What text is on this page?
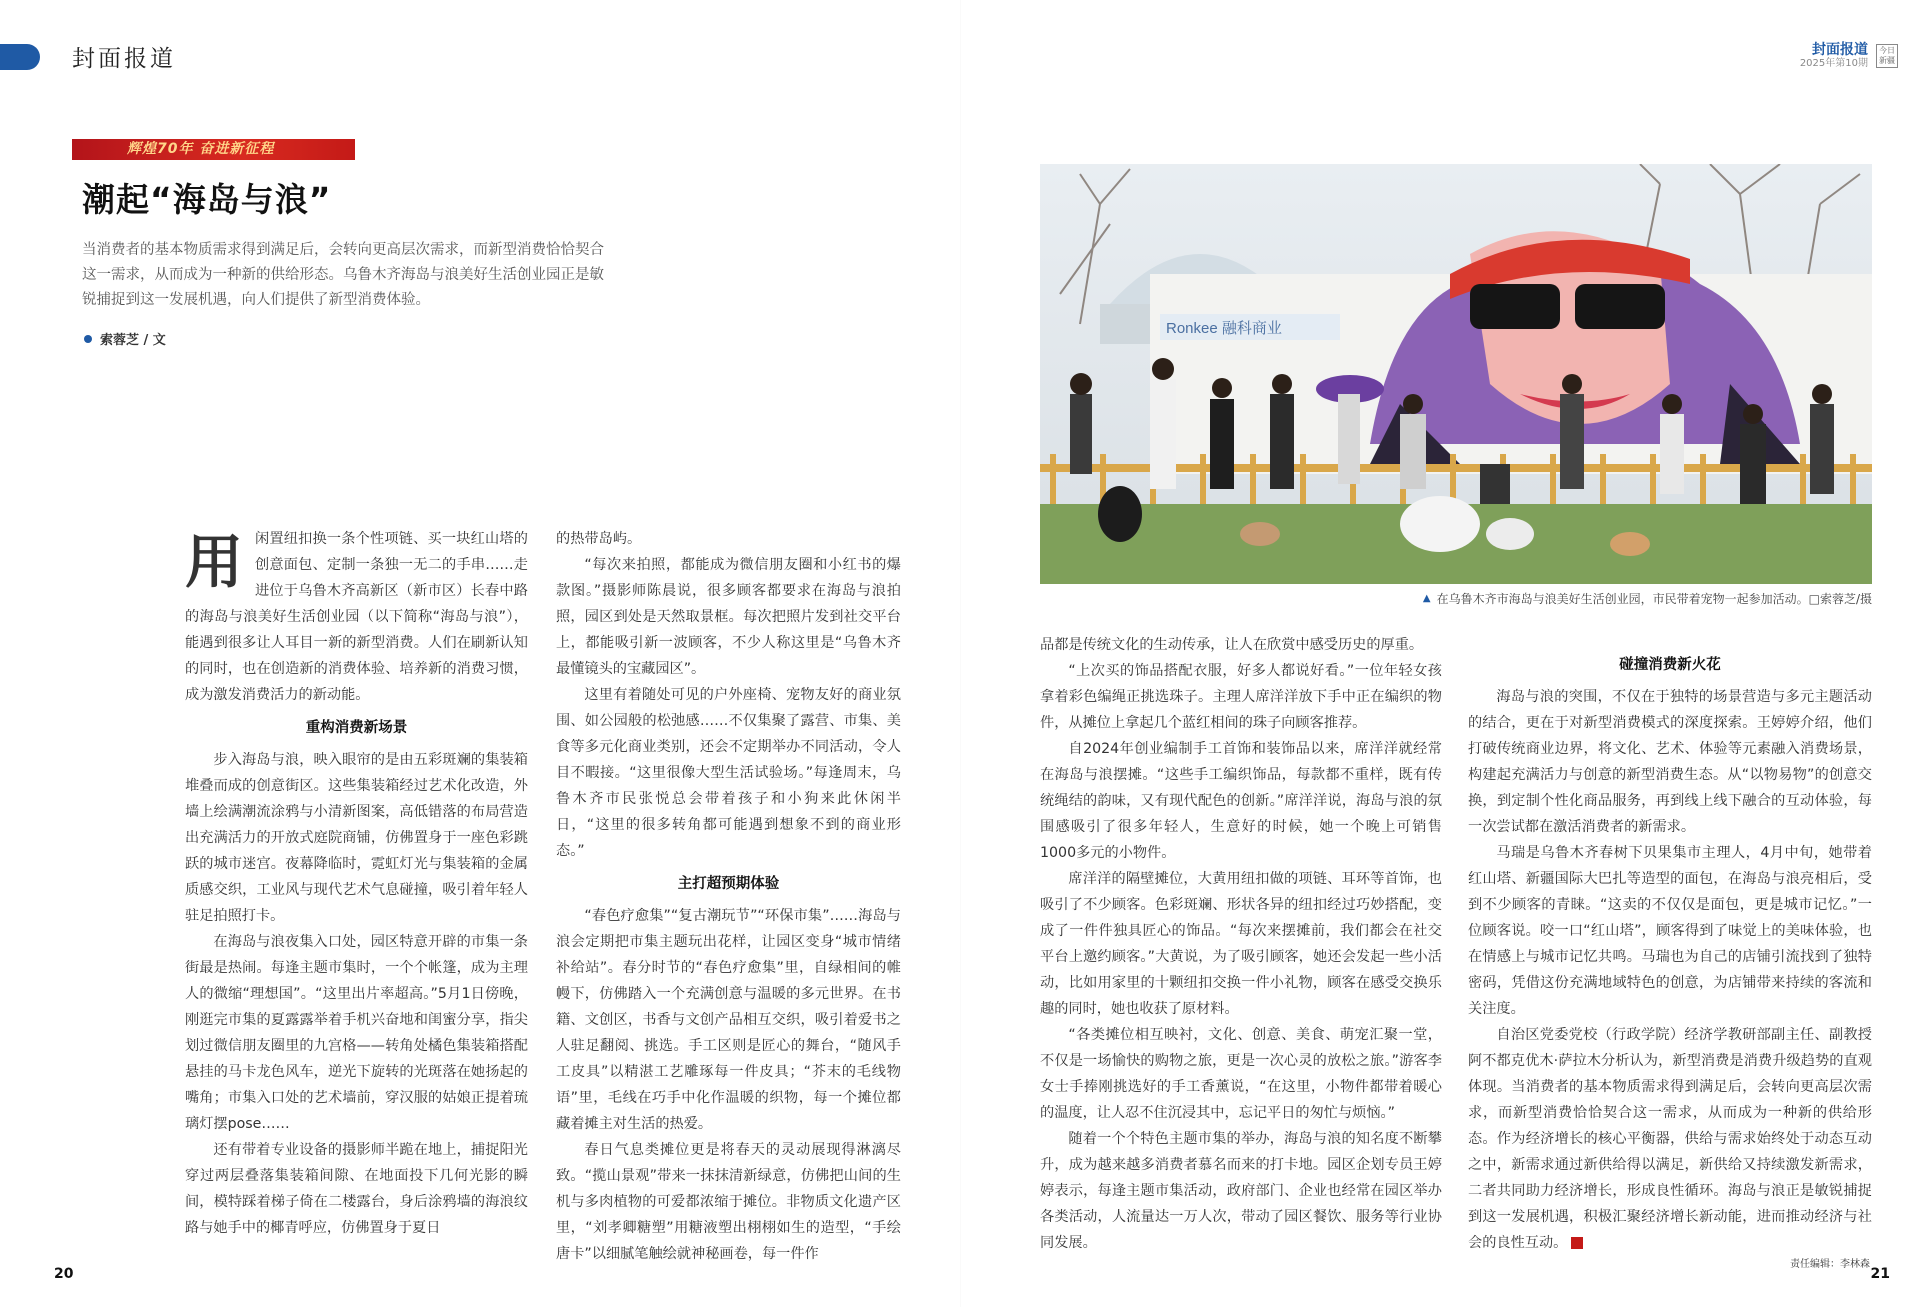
封面报道	封面报道
2025年第10期
今日新疆
辉煌70年 奋进新征程
潮起“海岛与浪”
当消费者的基本物质需求得到满足后，会转向更高层次需求，而新型消费恰恰契合这一需求，从而成为一种新的供给形态。乌鲁木齐海岛与浪美好生活创业园正是敏锐捕捉到这一发展机遇，向人们提供了新型消费体验。
索蓉芝 / 文
用 闲置纽扣换一条个性项链、买一块红山塔的创意面包、定制一条独一无二的手串……走进位于乌鲁木齐高新区（新市区）长春中路的海岛与浪美好生活创业园（以下简称“海岛与浪”），能遇到很多让人耳目一新的新型消费。人们在刷新认知的同时，也在创造新的消费体验、培养新的消费习惯，成为激发消费活力的新动能。

重构消费新场景

步入海岛与浪，映入眼帘的是由五彩斑斓的集装箱堆叠而成的创意街区。这些集装箱经过艺术化改造，外墙上绘满潮流涂鸦与小清新图案，高低错落的布局营造出充满活力的开放式庭院商铺，仿佛置身于一座色彩跳跃的城市迷宫。夜幕降临时，霓虹灯光与集装箱的金属质感交织，工业风与现代艺术气息碰撞，吸引着年轻人驻足拍照打卡。

在海岛与浪夜集入口处，园区特意开辟的市集一条街最是热闹。每逢主题市集时，一个个帐篷，成为主理人的微缩“理想国”。“这里出片率超高。”5月1日傍晚，刚逛完市集的夏露露举着手机兴奋地和闺蜜分享，指尖划过微信朋友圈里的九宫格——转角处橘色集装箱搭配悬挂的马卡龙色风车，逆光下旋转的光斑落在她扬起的嘴角；市集入口处的艺术墙前，穿汉服的姑娘正提着琉璃灯摆pose……

还有带着专业设备的摄影师半跪在地上，捕捉阳光穿过两层叠落集装箱间隙、在地面投下几何光影的瞬间，模特踩着梯子倚在二楼露台，身后涂鸦墙的海浪纹路与她手中的椰青呼应，仿佛置身于夏日

的热带岛屿。

“每次来拍照，都能成为微信朋友圈和小红书的爆款图。”摄影师陈晨说，很多顾客都要求在海岛与浪拍照，园区到处是天然取景框。每次把照片发到社交平台上，都能吸引新一波顾客，不少人称这里是“乌鲁木齐最懂镜头的宝藏园区”。

这里有着随处可见的户外座椅、宠物友好的商业氛围、如公园般的松弛感……不仅集聚了露营、市集、美食等多元化商业类别，还会不定期举办不同活动，令人目不暇接。“这里很像大型生活试验场。”每逢周末，乌鲁木齐市民张悦总会带着孩子和小狗来此休闲半日，“这里的很多转角都可能遇到想象不到的商业形态。”

主打超预期体验

“春色疗愈集”“复古潮玩节”“环保市集”……海岛与浪会定期把市集主题玩出花样，让园区变身“城市情绪补给站”。春分时节的“春色疗愈集”里，自绿相间的帷幔下，仿佛踏入一个充满创意与温暖的多元世界。在书籍、文创区，书香与文创产品相互交织，吸引着爱书之人驻足翻阅、挑选。手工区则是匠心的舞台，“随风手工皮具”以精湛工艺雕琢每一件皮具；“芥末的毛线物语”里，毛线在巧手中化作温暖的织物，每一个摊位都藏着摊主对生活的热爱。

春日气息类摊位更是将春天的灵动展现得淋漓尽致。“揽山景观”带来一抹抹清新绿意，仿佛把山间的生机与多肉植物的可爱都浓缩于摊位。非物质文化遗产区里，“刘孝卿糖塑”用糖液塑出栩栩如生的造型，“手绘唐卡”以细腻笔触绘就神秘画卷，每一件作

Ronkee 融科商业
▲ 在乌鲁木齐市海岛与浪美好生活创业园，市民带着宠物一起参加活动。□索蓉芝/摄

品都是传统文化的生动传承，让人在欣赏中感受历史的厚重。

“上次买的饰品搭配衣服，好多人都说好看。”一位年轻女孩拿着彩色编绳正挑选珠子。主理人席洋洋放下手中正在编织的物件，从摊位上拿起几个蓝红相间的珠子向顾客推荐。

自2024年创业编制手工首饰和装饰品以来，席洋洋就经常在海岛与浪摆摊。“这些手工编织饰品，每款都不重样，既有传统绳结的韵味，又有现代配色的创新。”席洋洋说，海岛与浪的氛围感吸引了很多年轻人，生意好的时候，她一个晚上可销售1000多元的小物件。

席洋洋的隔壁摊位，大黄用纽扣做的项链、耳环等首饰，也吸引了不少顾客。色彩斑斓、形状各异的纽扣经过巧妙搭配，变成了一件件独具匠心的饰品。“每次来摆摊前，我们都会在社交平台上邀约顾客。”大黄说，为了吸引顾客，她还会发起一些小活动，比如用家里的十颗纽扣交换一件小礼物，顾客在感受交换乐趣的同时，她也收获了原材料。

“各类摊位相互映衬，文化、创意、美食、萌宠汇聚一堂，不仅是一场愉快的购物之旅，更是一次心灵的放松之旅。”游客李女士手捧刚挑选好的手工香薰说，“在这里，小物件都带着暖心的温度，让人忍不住沉浸其中，忘记平日的匆忙与烦恼。”

随着一个个特色主题市集的举办，海岛与浪的知名度不断攀升，成为越来越多消费者慕名而来的打卡地。园区企划专员王婷婷表示，每逢主题市集活动，政府部门、企业也经常在园区举办各类活动，人流量达一万人次，带动了园区餐饮、服务等行业协同发展。

碰撞消费新火花

海岛与浪的突围，不仅在于独特的场景营造与多元主题活动的结合，更在于对新型消费模式的深度探索。王婷婷介绍，他们打破传统商业边界，将文化、艺术、体验等元素融入消费场景，构建起充满活力与创意的新型消费生态。从“以物易物”的创意交换，到定制个性化商品服务，再到线上线下融合的互动体验，每一次尝试都在激活消费者的新需求。

马瑞是乌鲁木齐春树下贝果集市主理人，4月中旬，她带着红山塔、新疆国际大巴扎等造型的面包，在海岛与浪亮相后，受到不少顾客的青睐。“这卖的不仅仅是面包，更是城市记忆。”一位顾客说。咬一口“红山塔”，顾客得到了味觉上的美味体验，也在情感上与城市记忆共鸣。马瑞也为自己的店铺引流找到了独特密码，凭借这份充满地域特色的创意，为店铺带来持续的客流和关注度。

自治区党委党校（行政学院）经济学教研部副主任、副教授阿不都克优木·萨拉木分析认为，新型消费是消费升级趋势的直观体现。当消费者的基本物质需求得到满足后，会转向更高层次需求，而新型消费恰恰契合这一需求，从而成为一种新的供给形态。作为经济增长的核心平衡器，供给与需求始终处于动态互动之中，新需求通过新供给得以满足，新供给又持续激发新需求，二者共同助力经济增长，形成良性循环。海岛与浪正是敏锐捕捉到这一发展机遇，积极汇聚经济增长新动能，进而推动经济与社会的良性互动。

责任编辑：李林森
20	21
